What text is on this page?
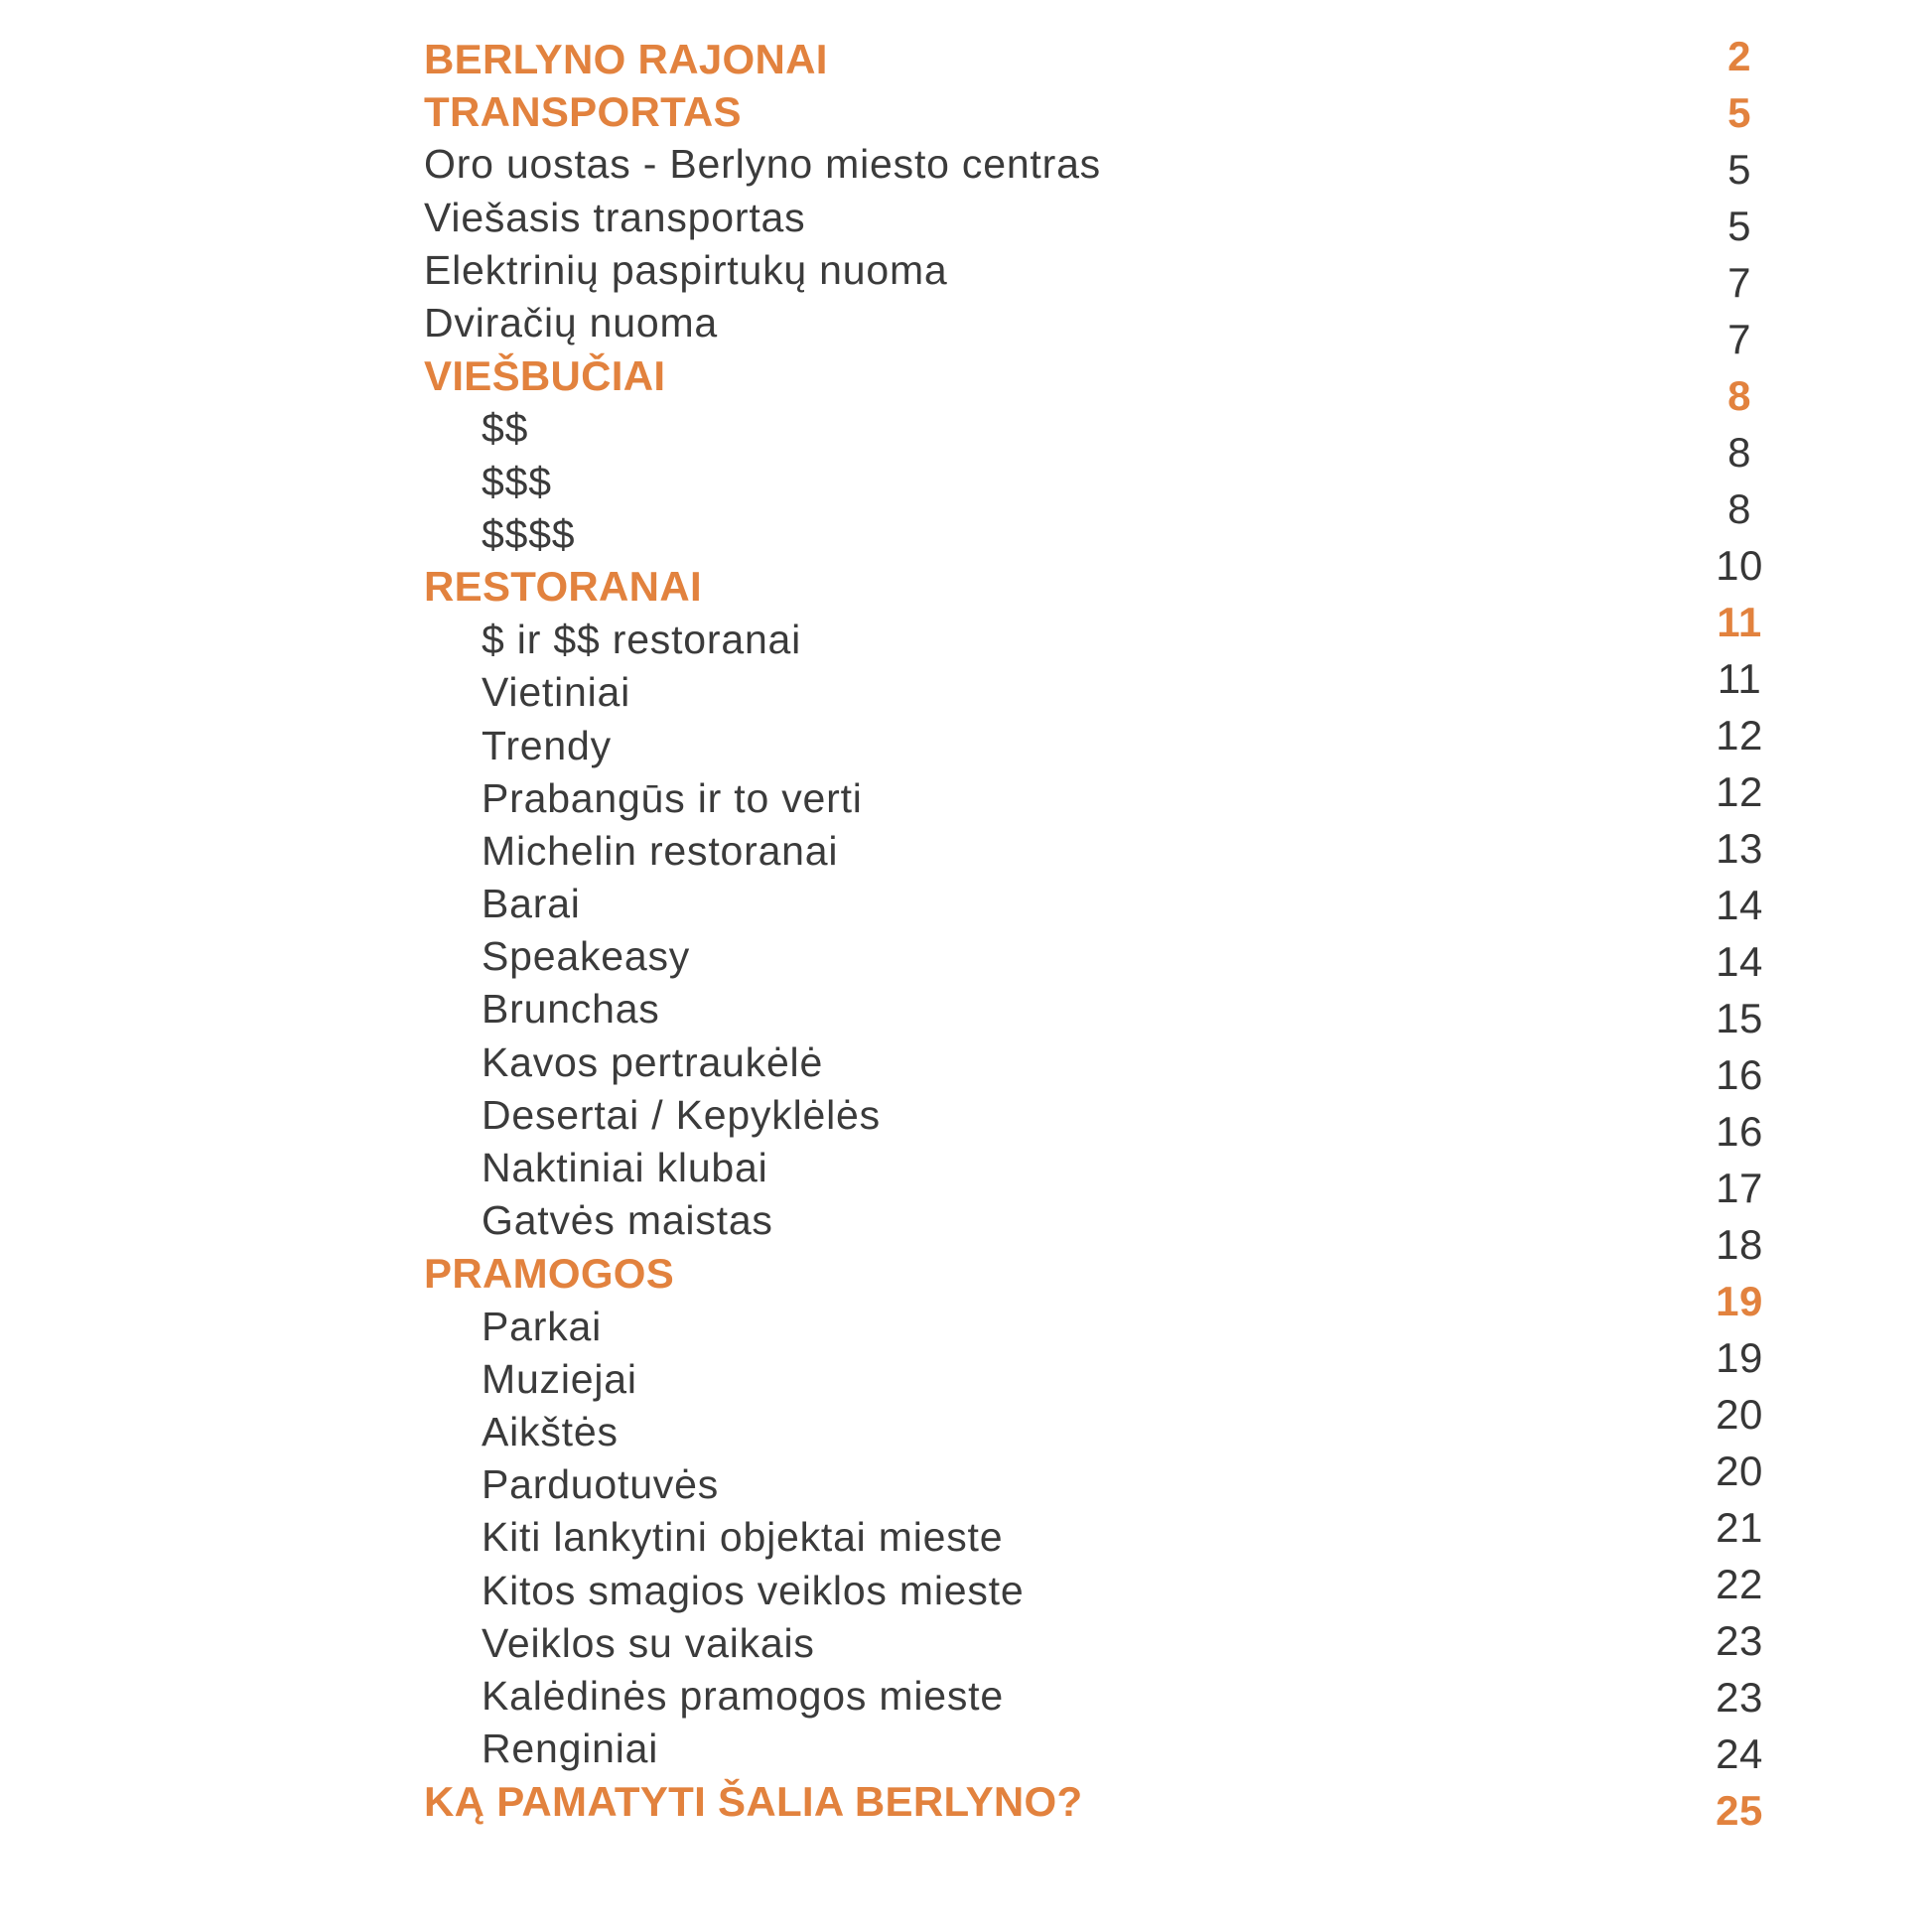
BERLYNO RAJONAI
TRANSPORTAS
Oro uostas - Berlyno miesto centras
Viešasis transportas
Elektrinių paspirtukų nuoma
Dviračių nuoma
VIEŠBUČIAI
$$
$$$
$$$$
RESTORANAI
$ ir $$ restoranai
Vietiniai
Trendy
Prabangūs ir to verti
Michelin restoranai
Barai
Speakeasy
Brunchas
Kavos pertraukėlė
Desertai / Kepyklėlės
Naktiniai klubai
Gatvės maistas
PRAMOGOS
Parkai
Muziejai
Aikštės
Parduotuvės
Kiti lankytini objektai mieste
Kitos smagios veiklos mieste
Veiklos su vaikais
Kalėdinės pramogos mieste
Renginiai
KĄ PAMATYTI ŠALIA BERLYNO?
2
5
5
5
7
7
8
8
8
10
11
11
12
12
13
14
14
15
16
16
17
18
19
19
20
20
21
22
23
23
24
25
